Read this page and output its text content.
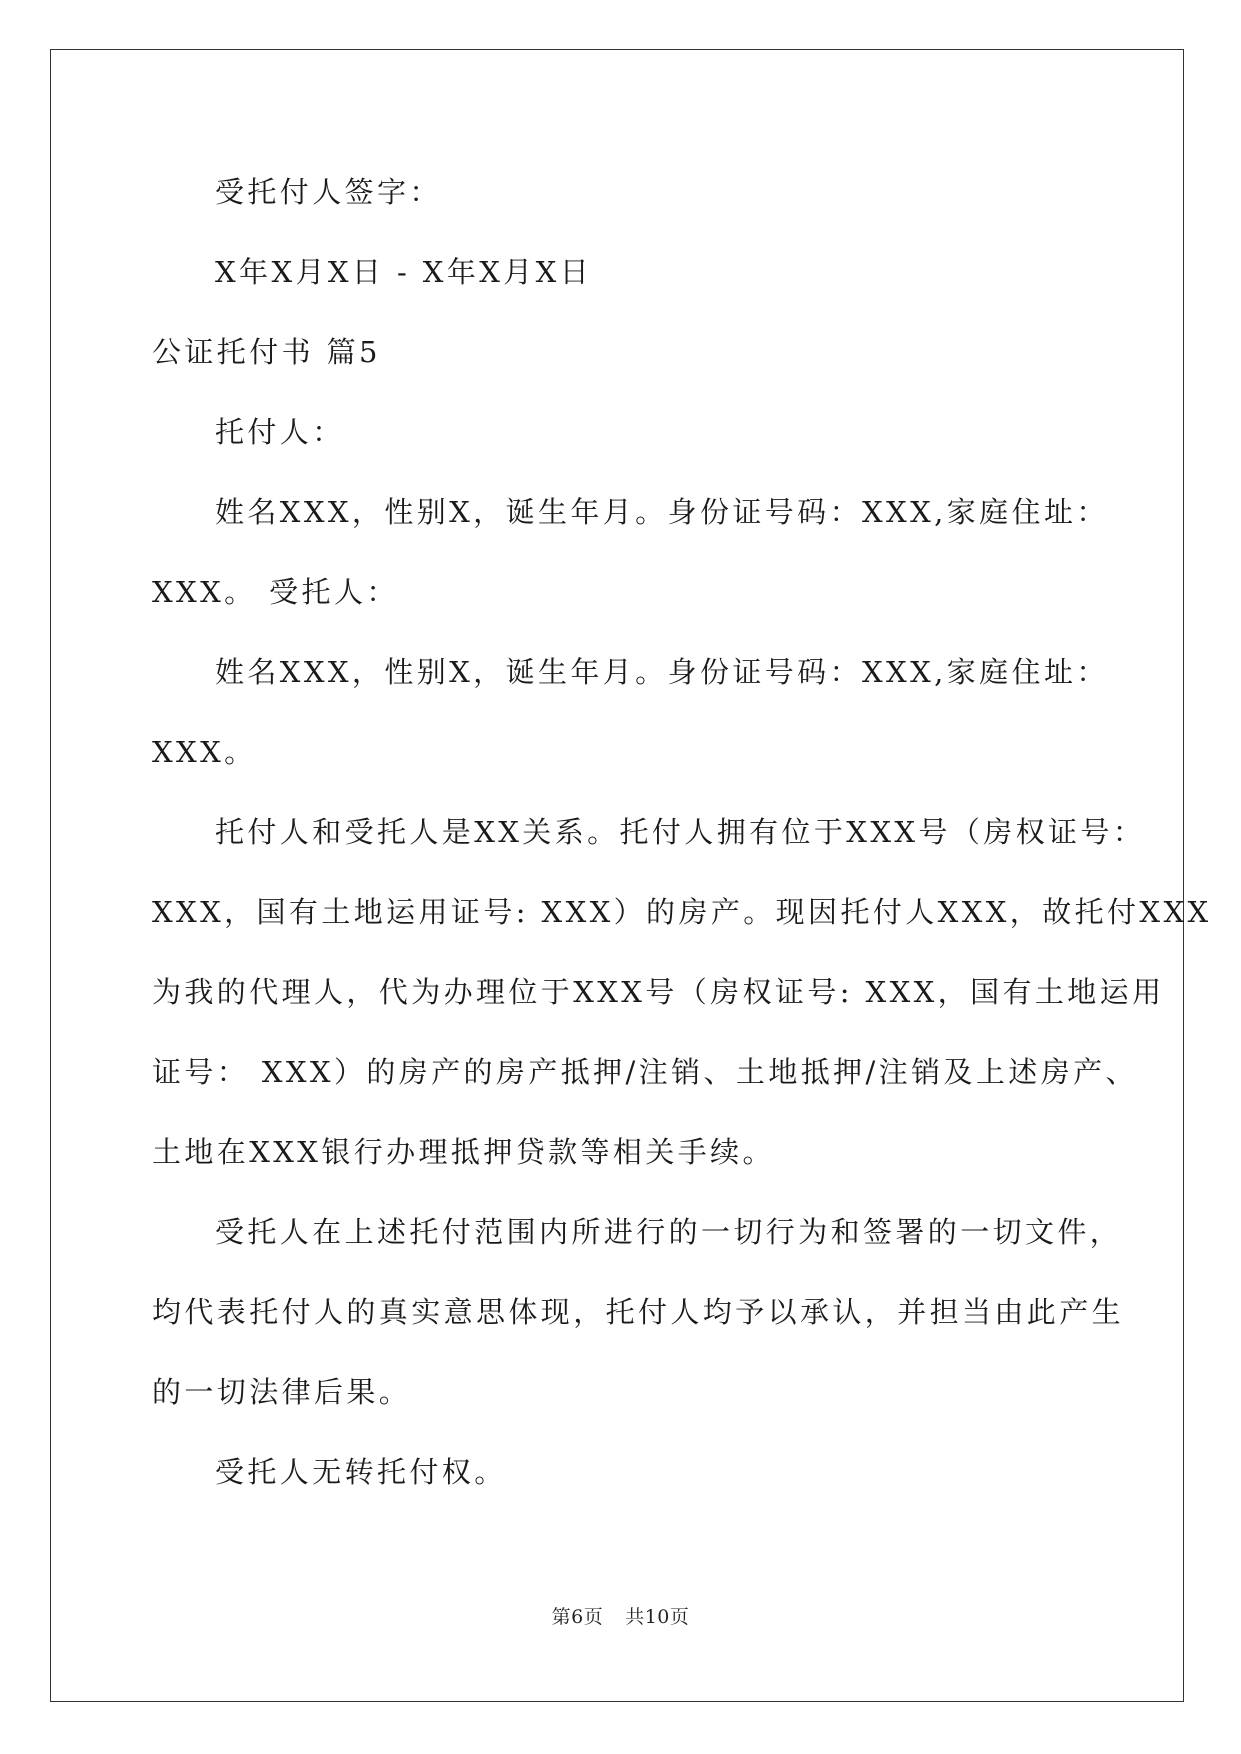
受托付人签字：
X年X月X日 - X年X月X日
公证托付书 篇5
托付人：
姓名XXX，性别X，诞生年月。身份证号码：XXX,家庭住址：
XXX。 受托人：
姓名XXX，性别X，诞生年月。身份证号码：XXX,家庭住址：
XXX。
托付人和受托人是XX关系。托付人拥有位于XXX号（房权证号：
XXX，国有土地运用证号: XXX）的房产。现因托付人XXX，故托付XXX
为我的代理人，代为办理位于XXX号（房权证号: XXX，国有土地运用
证号： XXX）的房产的房产抵押/注销、土地抵押/注销及上述房产、
土地在XXX银行办理抵押贷款等相关手续。
受托人在上述托付范围内所进行的一切行为和签署的一切文件，
均代表托付人的真实意思体现，托付人均予以承认，并担当由此产生
的一切法律后果。
受托人无转托付权。
第6页 共10页
